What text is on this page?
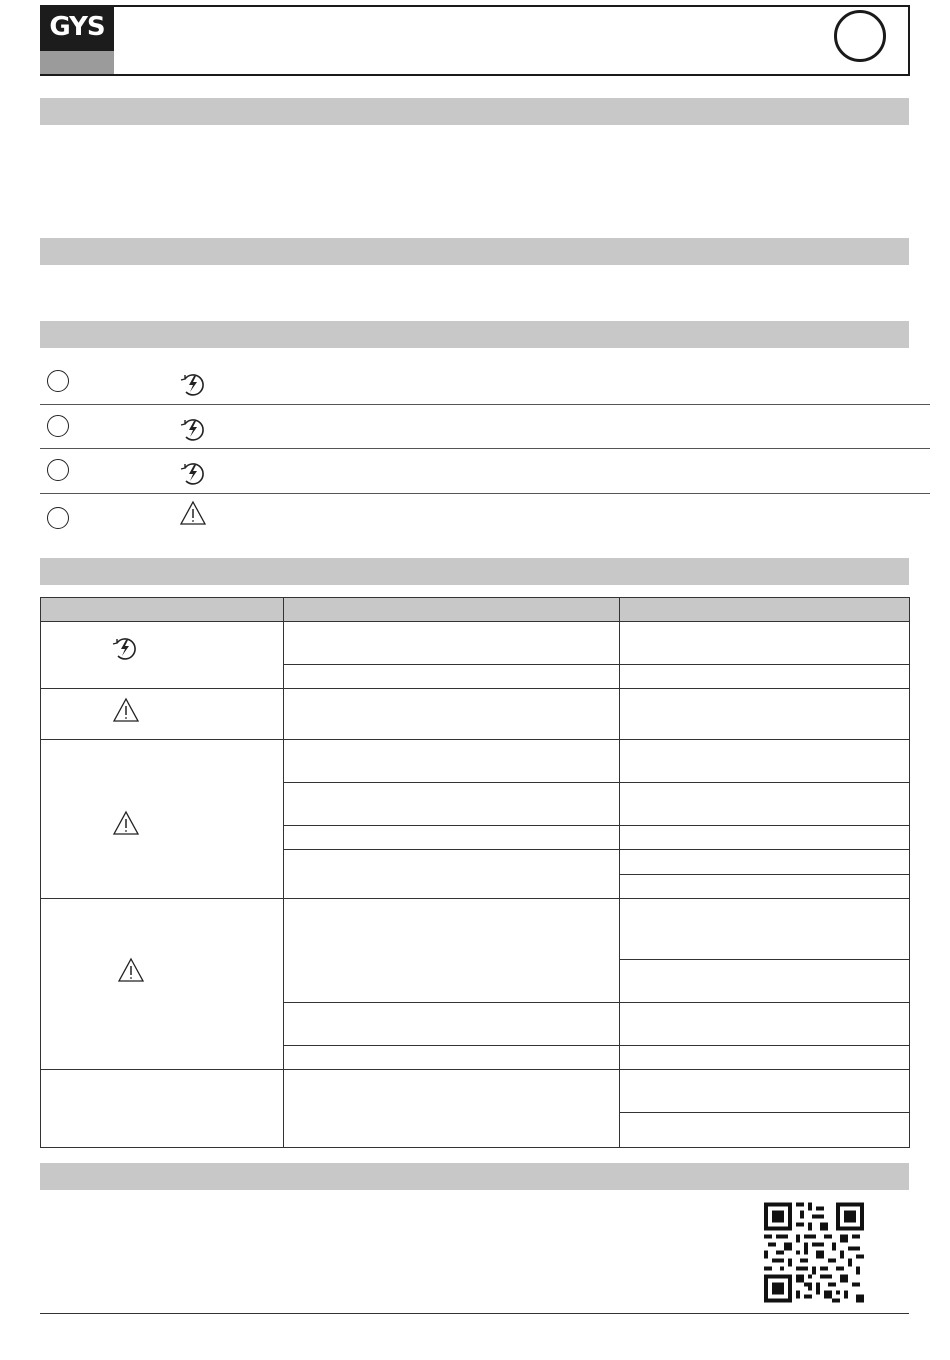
GYS
